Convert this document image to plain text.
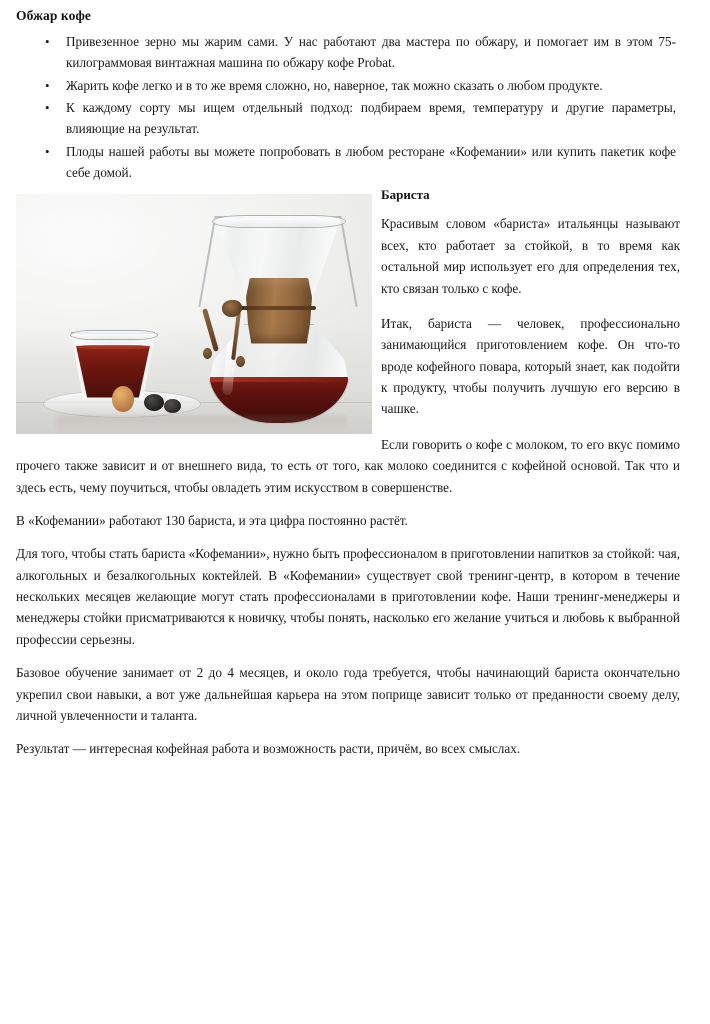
Обжар кофе
•	Привезенное зерно мы жарим сами. У нас работают два мастера по обжару, и помогает им в этом 75-килограммовая винтажная машина по обжару кофе Probat.
•	Жарить кофе легко и в то же время сложно, но, наверное, так можно сказать о любом продукте.
•	К каждому сорту мы ищем отдельный подход: подбираем время, температуру и другие параметры, влияющие на результат.
•	Плоды нашей работы вы можете попробовать в любом ресторане «Кофемании» или купить пакетик кофе себе домой.
Бариста

Красивым словом «бариста» итальянцы называют всех, кто работает за стойкой, в то время как остальной мир использует его для определения тех, кто связан только с кофе.

Итак, бариста — человек, профессионально занимающийся приготовлением кофе. Он что-то вроде кофейного повара, который знает, как подойти к продукту, чтобы получить лучшую его версию в чашке.

Если говорить о кофе с молоком, то его вкус помимо прочего также зависит и от внешнего вида, то есть от того, как молоко соединится с кофейной основой. Так что и здесь есть, чему поучиться, чтобы овладеть этим искусством в совершенстве.

В «Кофемании» работают 130 бариста, и эта цифра постоянно растёт.

Для того, чтобы стать бариста «Кофемании», нужно быть профессионалом в приготовлении напитков за стойкой: чая, алкогольных и безалкогольных коктейлей. В «Кофемании» существует свой тренинг-центр, в котором в течение нескольких месяцев желающие могут стать профессионалами в приготовлении кофе. Наши тренинг-менеджеры и менеджеры стойки присматриваются к новичку, чтобы понять, насколько его желание учиться и любовь к выбранной профессии серьезны.

Базовое обучение занимает от 2 до 4 месяцев, и около года требуется, чтобы начинающий бариста окончательно укрепил свои навыки, а вот уже дальнейшая карьера на этом поприще зависит только от преданности своему делу, личной увлеченности и таланта.

Результат — интересная кофейная работа и возможность расти, причём, во всех смыслах.
